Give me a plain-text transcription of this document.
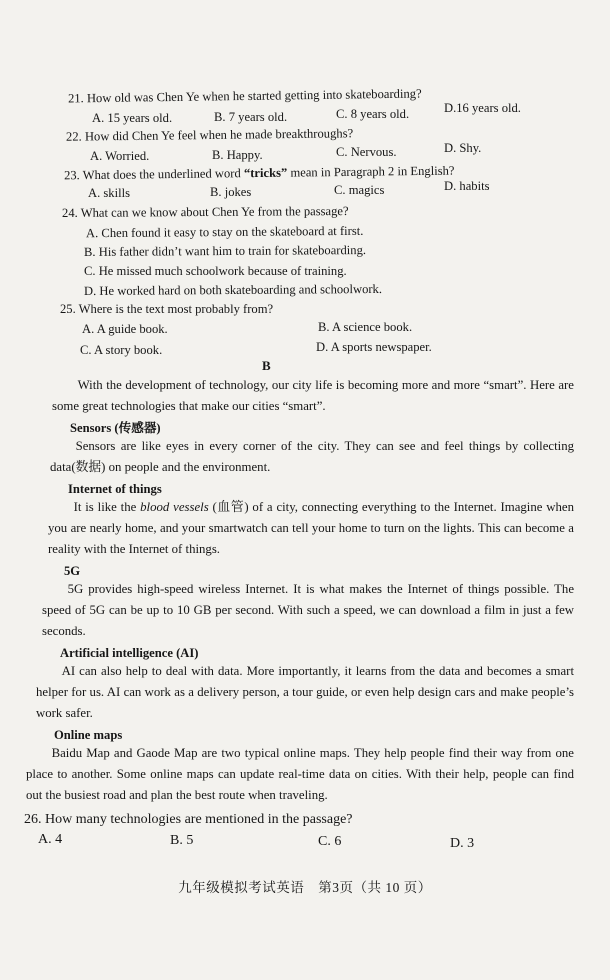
21. How old was Chen Ye when he started getting into skateboarding?
A. 15 years old.	B. 7 years old.	C. 8 years old.	D.16 years old.
22. How did Chen Ye feel when he made breakthroughs?
A. Worried.	B. Happy.	C. Nervous.	D. Shy.
23. What does the underlined word “tricks” mean in Paragraph 2 in English?
A. skills	B. jokes	C. magics	D. habits
24. What can we know about Chen Ye from the passage?
A. Chen found it easy to stay on the skateboard at first.
B. His father didn’t want him to train for skateboarding.
C. He missed much schoolwork because of training.
D. He worked hard on both skateboarding and schoolwork.
25. Where is the text most probably from?
A. A guide book.	B. A science book.
C. A story book.	D. A sports newspaper.
B
With the development of technology, our city life is becoming more and more “smart”. Here are some great technologies that make our cities “smart”.
Sensors (传感器)
Sensors are like eyes in every corner of the city. They can see and feel things by collecting data(数据) on people and the environment.
Internet of things
It is like the blood vessels (血管) of a city, connecting everything to the Internet. Imagine when you are nearly home, and your smartwatch can tell your home to turn on the lights. This can become a reality with the Internet of things.
5G
5G provides high-speed wireless Internet. It is what makes the Internet of things possible. The speed of 5G can be up to 10 GB per second. With such a speed, we can download a film in just a few seconds.
Artificial intelligence (AI)
AI can also help to deal with data. More importantly, it learns from the data and becomes a smart helper for us. AI can work as a delivery person, a tour guide, or even help design cars and make people’s work safer.
Online maps
Baidu Map and Gaode Map are two typical online maps. They help people find their way from one place to another. Some online maps can update real-time data on cities. With their help, people can find out the busiest road and plan the best route when traveling.
26. How many technologies are mentioned in the passage?
A. 4	B. 5	C. 6	D. 3
九年级模拟考试英语　第3页（共 10 页）
